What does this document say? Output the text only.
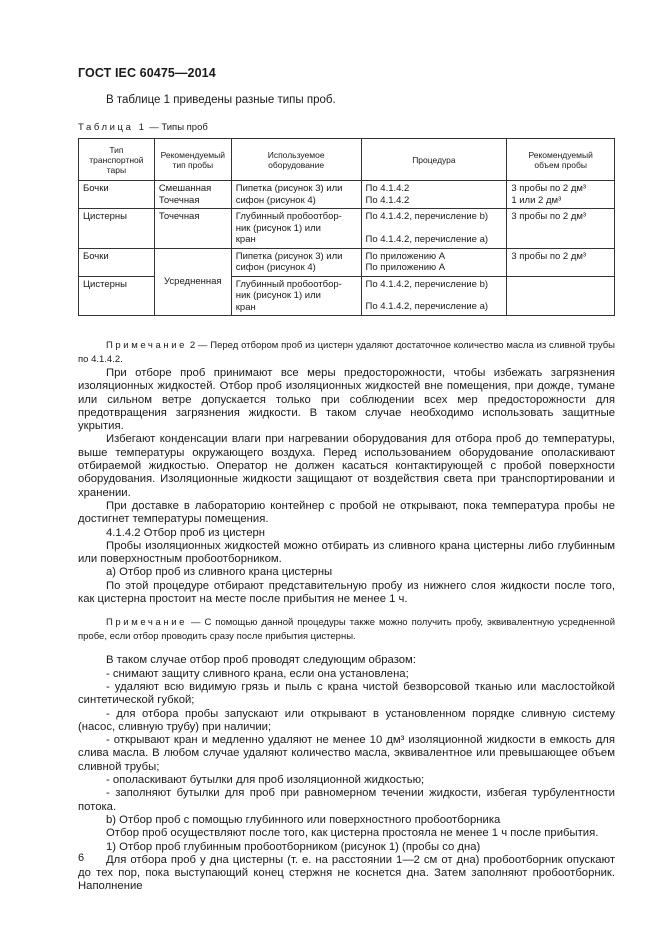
ГОСТ IEC 60475—2014
В таблице 1 приведены разные типы проб.
Таблица 1 — Типы проб
Тип
транспортной
тары	Рекомендуемый
тип пробы	Используемое
оборудование	Процедура	Рекомендуемый
объем пробы
Бочки	Смешанная
Точечная	Пипетка (рисунок 3) или
сифон (рисунок 4)	По 4.1.4.2
По 4.1.4.2	3 пробы по 2 дм³
1 или 2 дм³

Цистерны	Точечная	Глубинный пробоотбор-
ник (рисунок 1) или
кран	По 4.1.4.2, перечисление b)
По 4.1.4.2, перечисление a)	3 пробы по 2 дм³

Бочки	Усредненная	Пипетка (рисунок 3) или
сифон (рисунок 4)	По приложению А
По приложению А	3 пробы по 2 дм³

Цистерны		Глубинный пробоотбор-
ник (рисунок 1) или
кран	По 4.1.4.2, перечисление b)
По 4.1.4.2, перечисление a)	

Примечание 2 — Перед отбором проб из цистерн удаляют достаточное количество масла из сливной трубы по 4.1.4.2.

При отборе проб принимают все меры предосторожности, чтобы избежать загрязнения изоляционных жидкостей. Отбор проб изоляционных жидкостей вне помещения, при дожде, тумане или сильном ветре допускается только при соблюдении всех мер предосторожности для предотвращения загрязнения жидкости. В таком случае необходимо использовать защитные укрытия.

Избегают конденсации влаги при нагревании оборудования для отбора проб до температуры, выше температуры окружающего воздуха. Перед использованием оборудование ополаскивают отбираемой жидкостью. Оператор не должен касаться контактирующей с пробой поверхности оборудования. Изоляционные жидкости защищают от воздействия света при транспортировании и хранении.

При доставке в лабораторию контейнер с пробой не открывают, пока температура пробы не достигнет температуры помещения.

4.1.4.2 Отбор проб из цистерн

Пробы изоляционных жидкостей можно отбирать из сливного крана цистерны либо глубинным или поверхностным пробоотборником.

а) Отбор проб из сливного крана цистерны

По этой процедуре отбирают представительную пробу из нижнего слоя жидкости после того, как цистерна простоит на месте после прибытия не менее 1 ч.

Примечание — С помощью данной процедуры также можно получить пробу, эквивалентную усредненной пробе, если отбор проводить сразу после прибытия цистерны.

В таком случае отбор проб проводят следующим образом:

- снимают защиту сливного крана, если она установлена;

- удаляют всю видимую грязь и пыль с крана чистой безворсовой тканью или маслостойкой синтетической губкой;

- для отбора пробы запускают или открывают в установленном порядке сливную систему (насос, сливную трубу) при наличии;

- открывают кран и медленно удаляют не менее 10 дм³ изоляционной жидкости в емкость для слива масла. В любом случае удаляют количество масла, эквивалентное или превышающее объем сливной трубы;

- ополаскивают бутылки для проб изоляционной жидкостью;

- заполняют бутылки для проб при равномерном течении жидкости, избегая турбулентности потока.

b) Отбор проб с помощью глубинного или поверхностного пробоотборника

Отбор проб осуществляют после того, как цистерна простояла не менее 1 ч после прибытия.

1) Отбор проб глубинным пробоотборником (рисунок 1) (пробы со дна)

Для отбора проб у дна цистерны (т. е. на расстоянии 1—2 см от дна) пробоотборник опускают до тех пор, пока выступающий конец стержня не коснется дна. Затем заполняют пробоотборник. Наполнение

6
